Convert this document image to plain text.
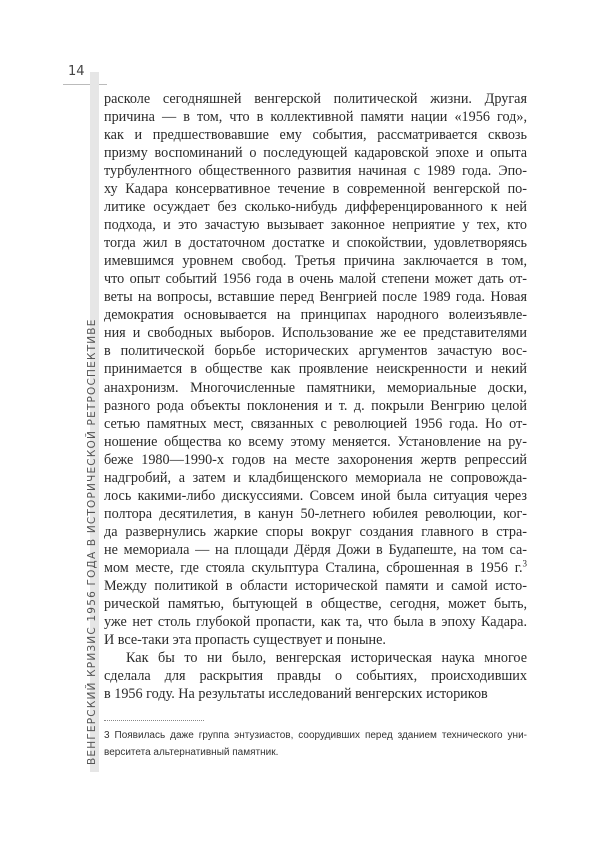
14
ВЕНГЕРСКИЙ КРИЗИС 1956 ГОДА В ИСТОРИЧЕСКОЙ РЕТРОСПЕКТИВЕ
расколе сегодняшней венгерской политической жизни. Другая
причина — в том, что в коллективной памяти нации «1956 год»,
как и предшествовавшие ему события, рассматривается сквозь
призму воспоминаний о последующей кадаровской эпохе и опыта
турбулентного общественного развития начиная с 1989 года. Эпо-
ху Кадара консервативное течение в современной венгерской по-
литике осуждает без сколько-нибудь дифференцированного к ней
подхода, и это зачастую вызывает законное неприятие у тех, кто
тогда жил в достаточном достатке и спокойствии, удовлетворяясь
имевшимся уровнем свобод. Третья причина заключается в том,
что опыт событий 1956 года в очень малой степени может дать от-
веты на вопросы, вставшие перед Венгрией после 1989 года. Новая
демократия основывается на принципах народного волеизъявле-
ния и свободных выборов. Использование же ее представителями
в политической борьбе исторических аргументов зачастую вос-
принимается в обществе как проявление неискренности и некий
анахронизм. Многочисленные памятники, мемориальные доски,
разного рода объекты поклонения и т. д. покрыли Венгрию целой
сетью памятных мест, связанных с революцией 1956 года. Но от-
ношение общества ко всему этому меняется. Установление на ру-
беже 1980—1990-х годов на месте захоронения жертв репрессий
надгробий, а затем и кладбищенского мемориала не сопровожда-
лось какими-либо дискуссиями. Совсем иной была ситуация через
полтора десятилетия, в канун 50-летнего юбилея революции, ког-
да развернулись жаркие споры вокруг создания главного в стра-
не мемориала — на площади Дёрдя Дожи в Будапеште, на том са-
мом месте, где стояла скульптура Сталина, сброшенная в 1956 г.$^3$
Между политикой в области исторической памяти и самой исто-
рической памятью, бытующей в обществе, сегодня, может быть,
уже нет столь глубокой пропасти, как та, что была в эпоху Кадара.
И все-таки эта пропасть существует и поныне.
Как бы то ни было, венгерская историческая наука многое
сделала для раскрытия правды о событиях, происходивших
в 1956 году. На результаты исследований венгерских историков
3 Появилась даже группа энтузиастов, соорудивших перед зданием технического уни-
верситета альтернативный памятник.
